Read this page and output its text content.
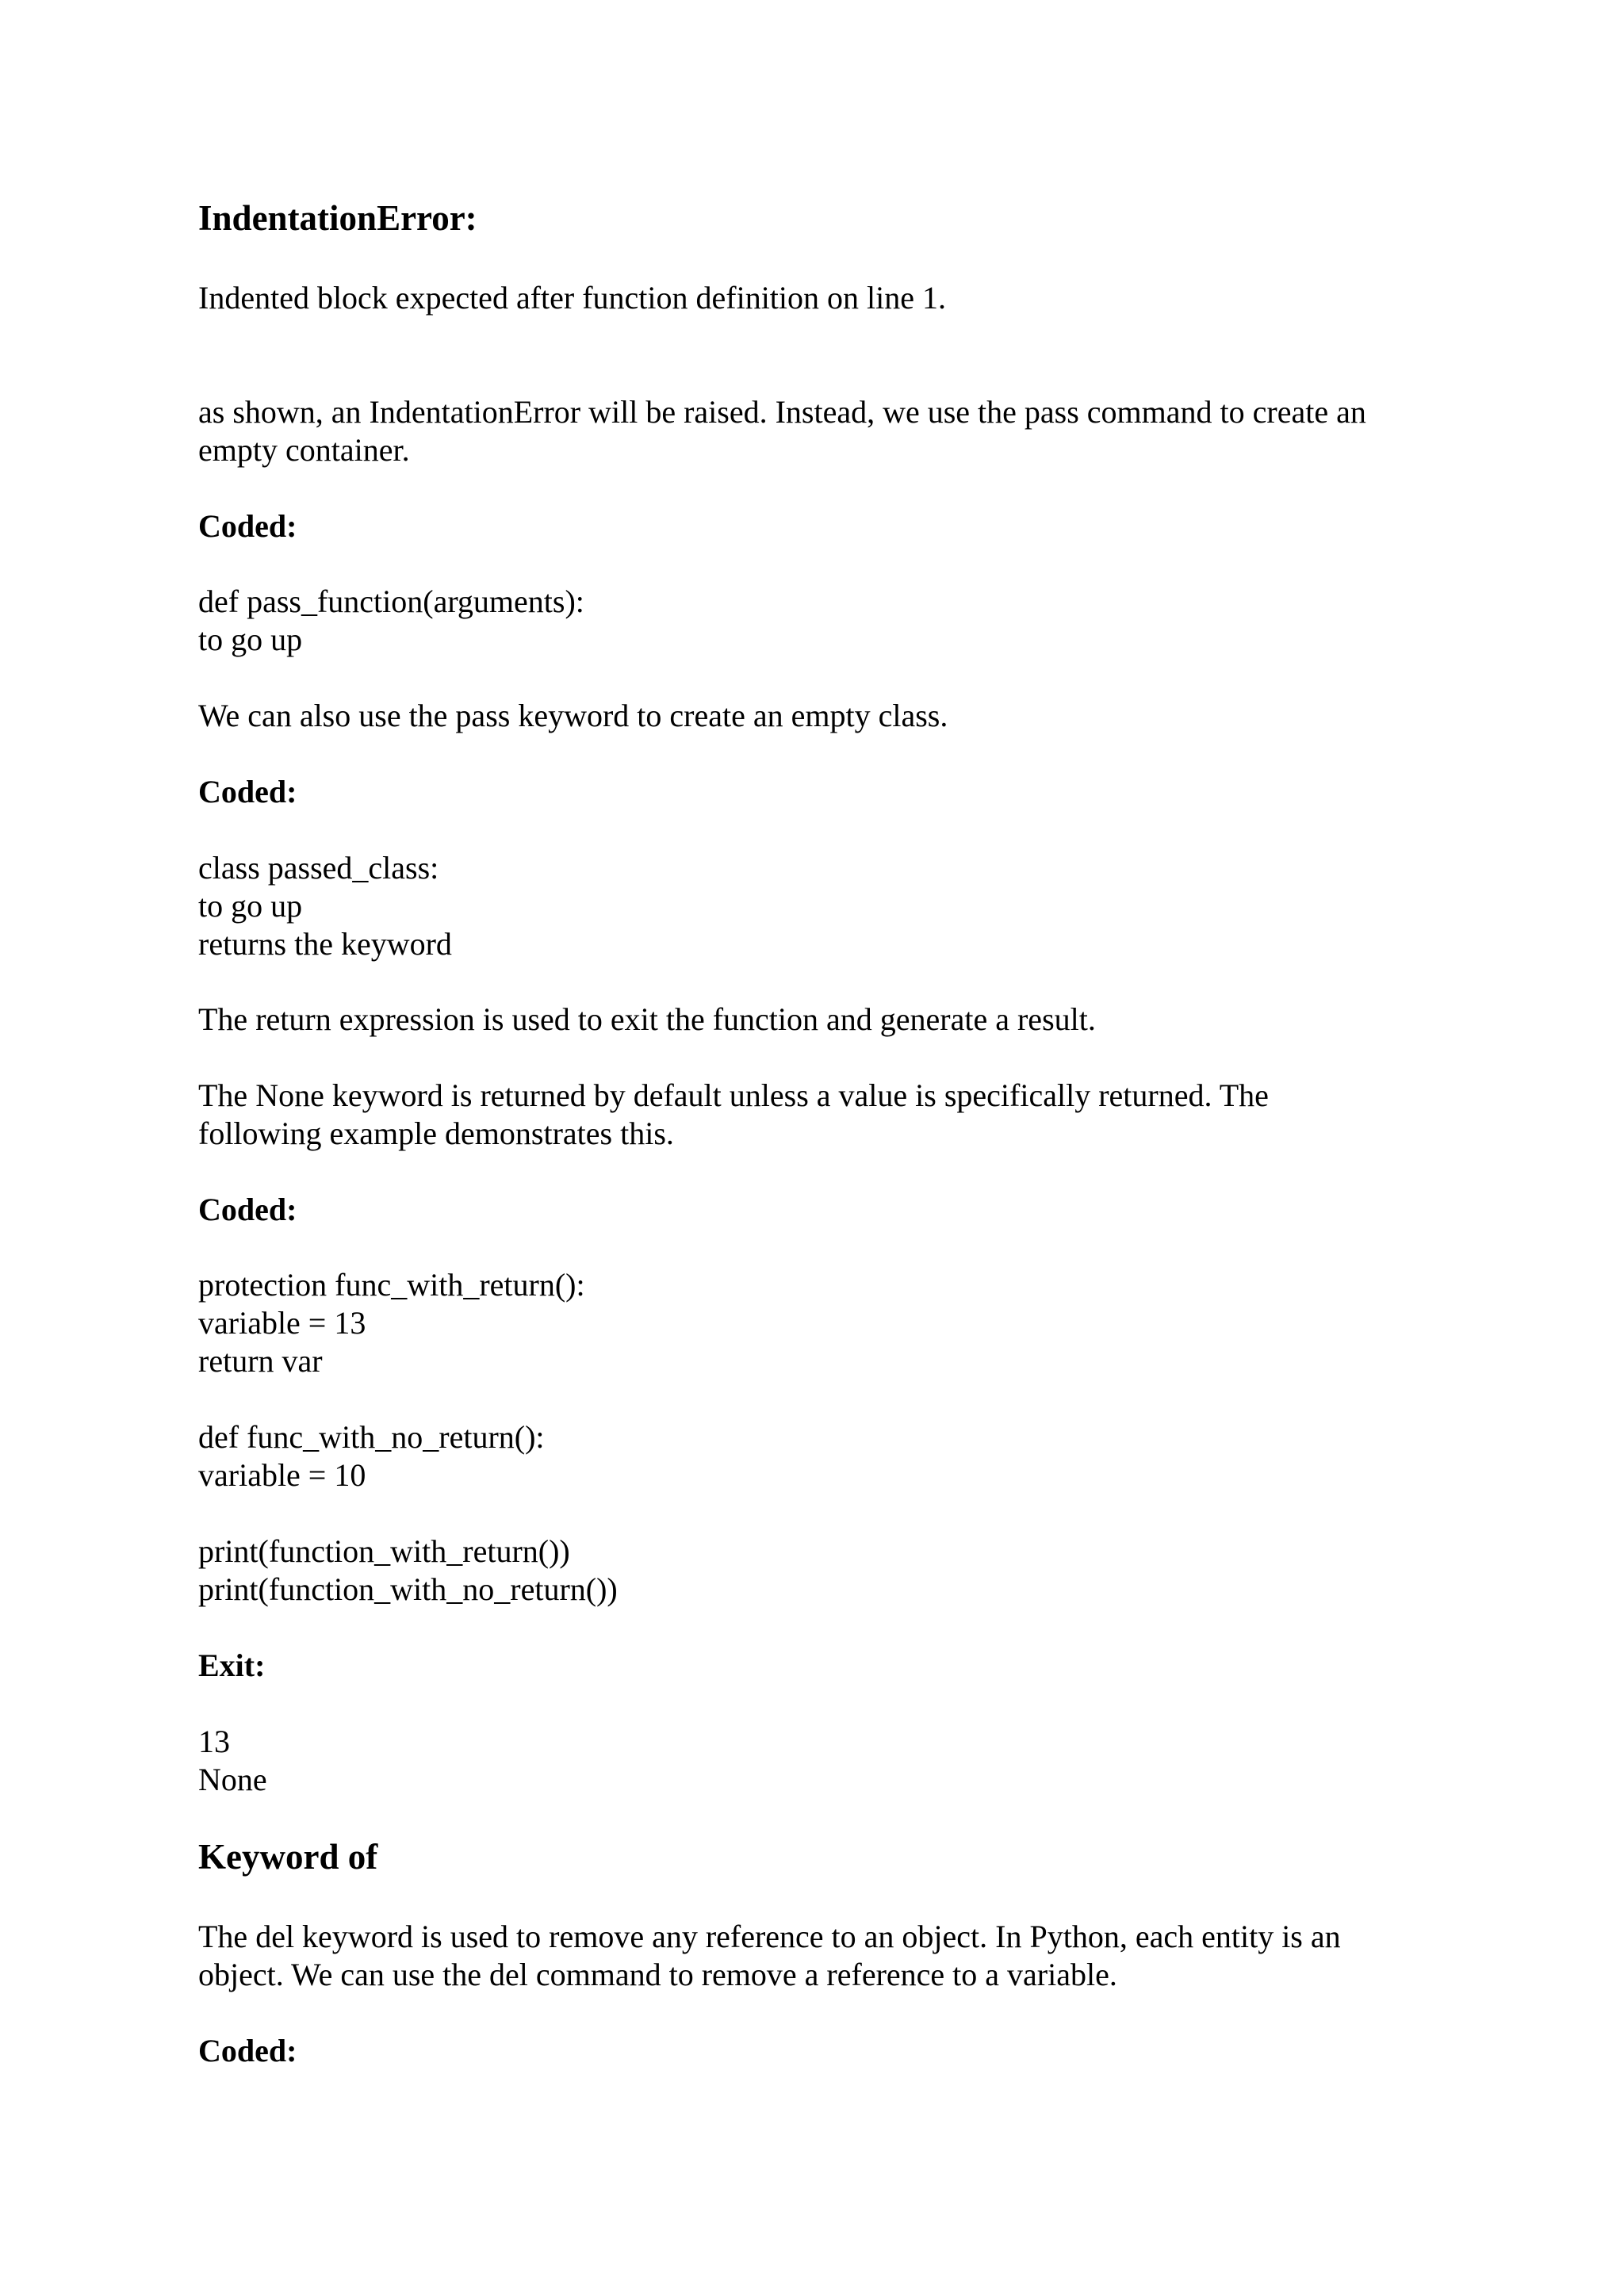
IndentationError:
Indented block expected after function definition on line 1.
as shown, an IndentationError will be raised. Instead, we use the pass command to create an
empty container.
Coded:
def pass_function(arguments):
to go up
We can also use the pass keyword to create an empty class.
Coded:
class passed_class:
to go up
returns the keyword
The return expression is used to exit the function and generate a result.
The None keyword is returned by default unless a value is specifically returned. The
following example demonstrates this.
Coded:
protection func_with_return():
variable = 13
return var
def func_with_no_return():
variable = 10
print(function_with_return())
print(function_with_no_return())
Exit:
13
None
Keyword of
The del keyword is used to remove any reference to an object. In Python, each entity is an
object. We can use the del command to remove a reference to a variable.
Coded:
